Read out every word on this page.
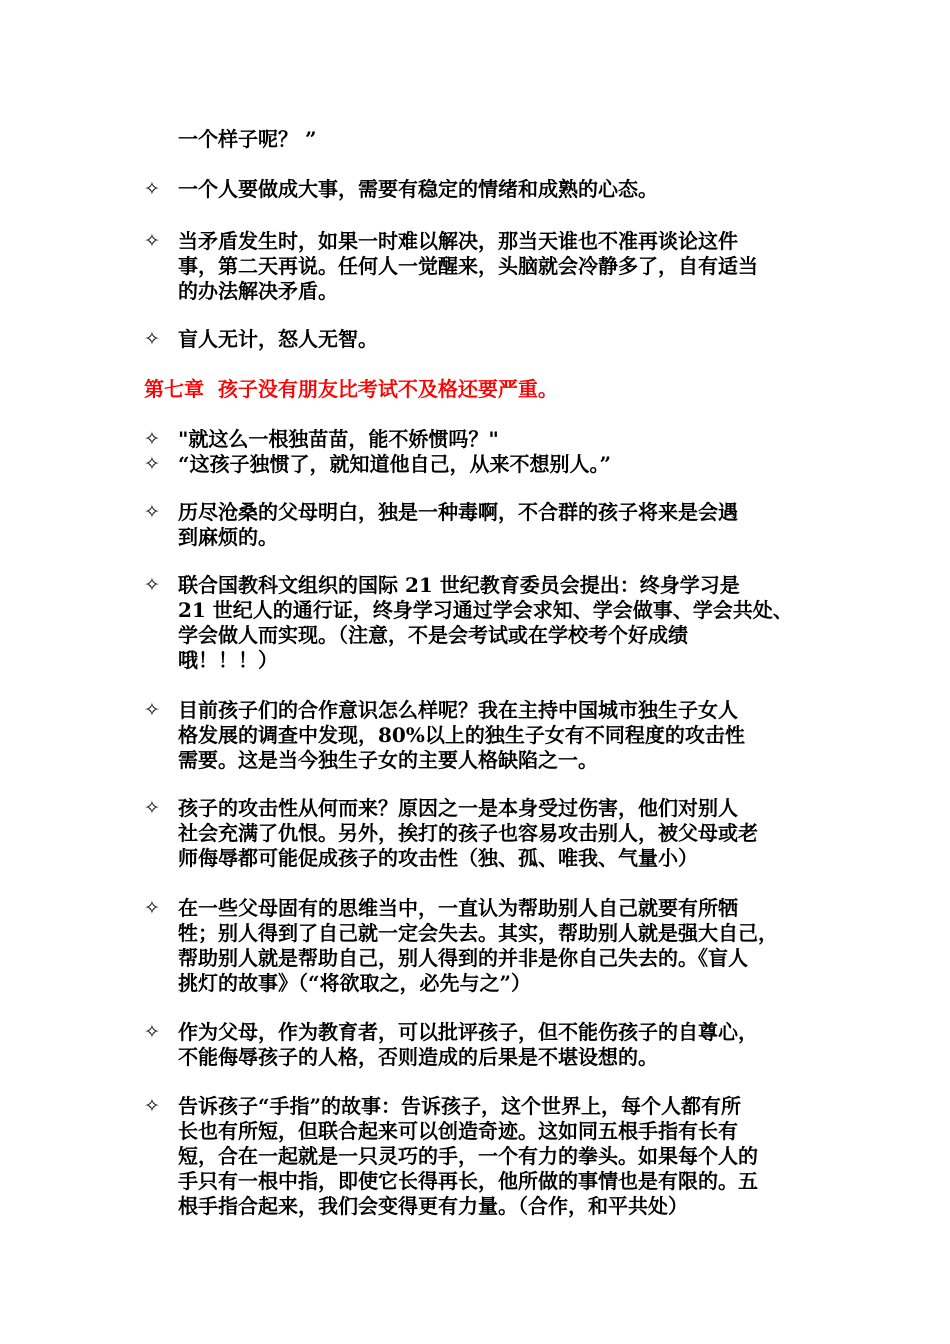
一个样子呢？ ”
✧ 一个人要做成大事，需要有稳定的情绪和成熟的心态。
✧ 当矛盾发生时，如果一时难以解决，那当天谁也不准再谈论这件
事，第二天再说。任何人一觉醒来，头脑就会冷静多了，自有适当
的办法解决矛盾。
✧ 盲人无计，怒人无智。
第七章  孩子没有朋友比考试不及格还要严重。
✧ "就这么一根独苗苗，能不娇惯吗？"
✧ “这孩子独惯了，就知道他自己，从来不想别人。”
✧ 历尽沧桑的父母明白，独是一种毒啊，不合群的孩子将来是会遇
到麻烦的。
✧ 联合国教科文组织的国际 21 世纪教育委员会提出：终身学习是
21 世纪人的通行证，终身学习通过学会求知、学会做事、学会共处、
学会做人而实现。（注意，不是会考试或在学校考个好成绩
哦！！！）
✧ 目前孩子们的合作意识怎么样呢？我在主持中国城市独生子女人
格发展的调查中发现，80%以上的独生子女有不同程度的攻击性
需要。这是当今独生子女的主要人格缺陷之一。
✧ 孩子的攻击性从何而来？原因之一是本身受过伤害，他们对别人
社会充满了仇恨。另外，挨打的孩子也容易攻击别人，被父母或老
师侮辱都可能促成孩子的攻击性（独、孤、唯我、气量小）
✧ 在一些父母固有的思维当中，一直认为帮助别人自己就要有所牺
牲；别人得到了自己就一定会失去。其实，帮助别人就是强大自己，
帮助别人就是帮助自己，别人得到的并非是你自己失去的。《盲人
挑灯的故事》（“将欲取之，必先与之”）
✧ 作为父母，作为教育者，可以批评孩子，但不能伤孩子的自尊心，
不能侮辱孩子的人格，否则造成的后果是不堪设想的。
✧ 告诉孩子“手指”的故事：告诉孩子，这个世界上，每个人都有所
长也有所短，但联合起来可以创造奇迹。这如同五根手指有长有
短，合在一起就是一只灵巧的手，一个有力的拳头。如果每个人的
手只有一根中指，即使它长得再长，他所做的事情也是有限的。五
根手指合起来，我们会变得更有力量。（合作，和平共处）
